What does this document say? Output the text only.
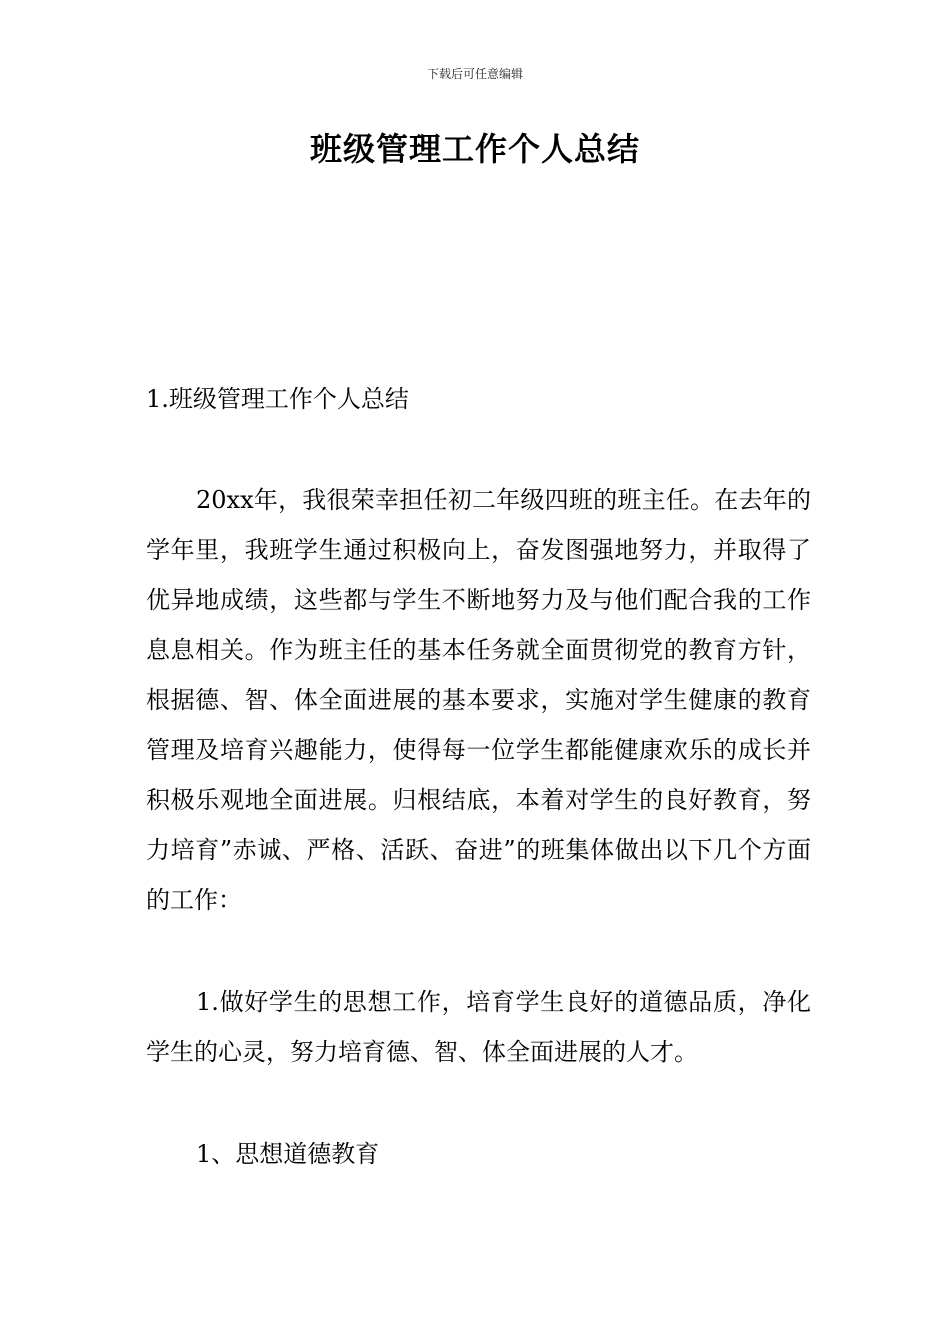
下载后可任意编辑
班级管理工作个人总结

1.班级管理工作个人总结

20xx年，我很荣幸担任初二年级四班的班主任。在去年的学年里，我班学生通过积极向上，奋发图强地努力，并取得了优异地成绩，这些都与学生不断地努力及与他们配合我的工作息息相关。作为班主任的基本任务就全面贯彻党的教育方针，根据德、智、体全面进展的基本要求，实施对学生健康的教育管理及培育兴趣能力，使得每一位学生都能健康欢乐的成长并积极乐观地全面进展。归根结底，本着对学生的良好教育，努力培育”赤诚、严格、活跃、奋进”的班集体做出以下几个方面的工作：

1.做好学生的思想工作，培育学生良好的道德品质，净化学生的心灵，努力培育德、智、体全面进展的人才。

1、思想道德教育
